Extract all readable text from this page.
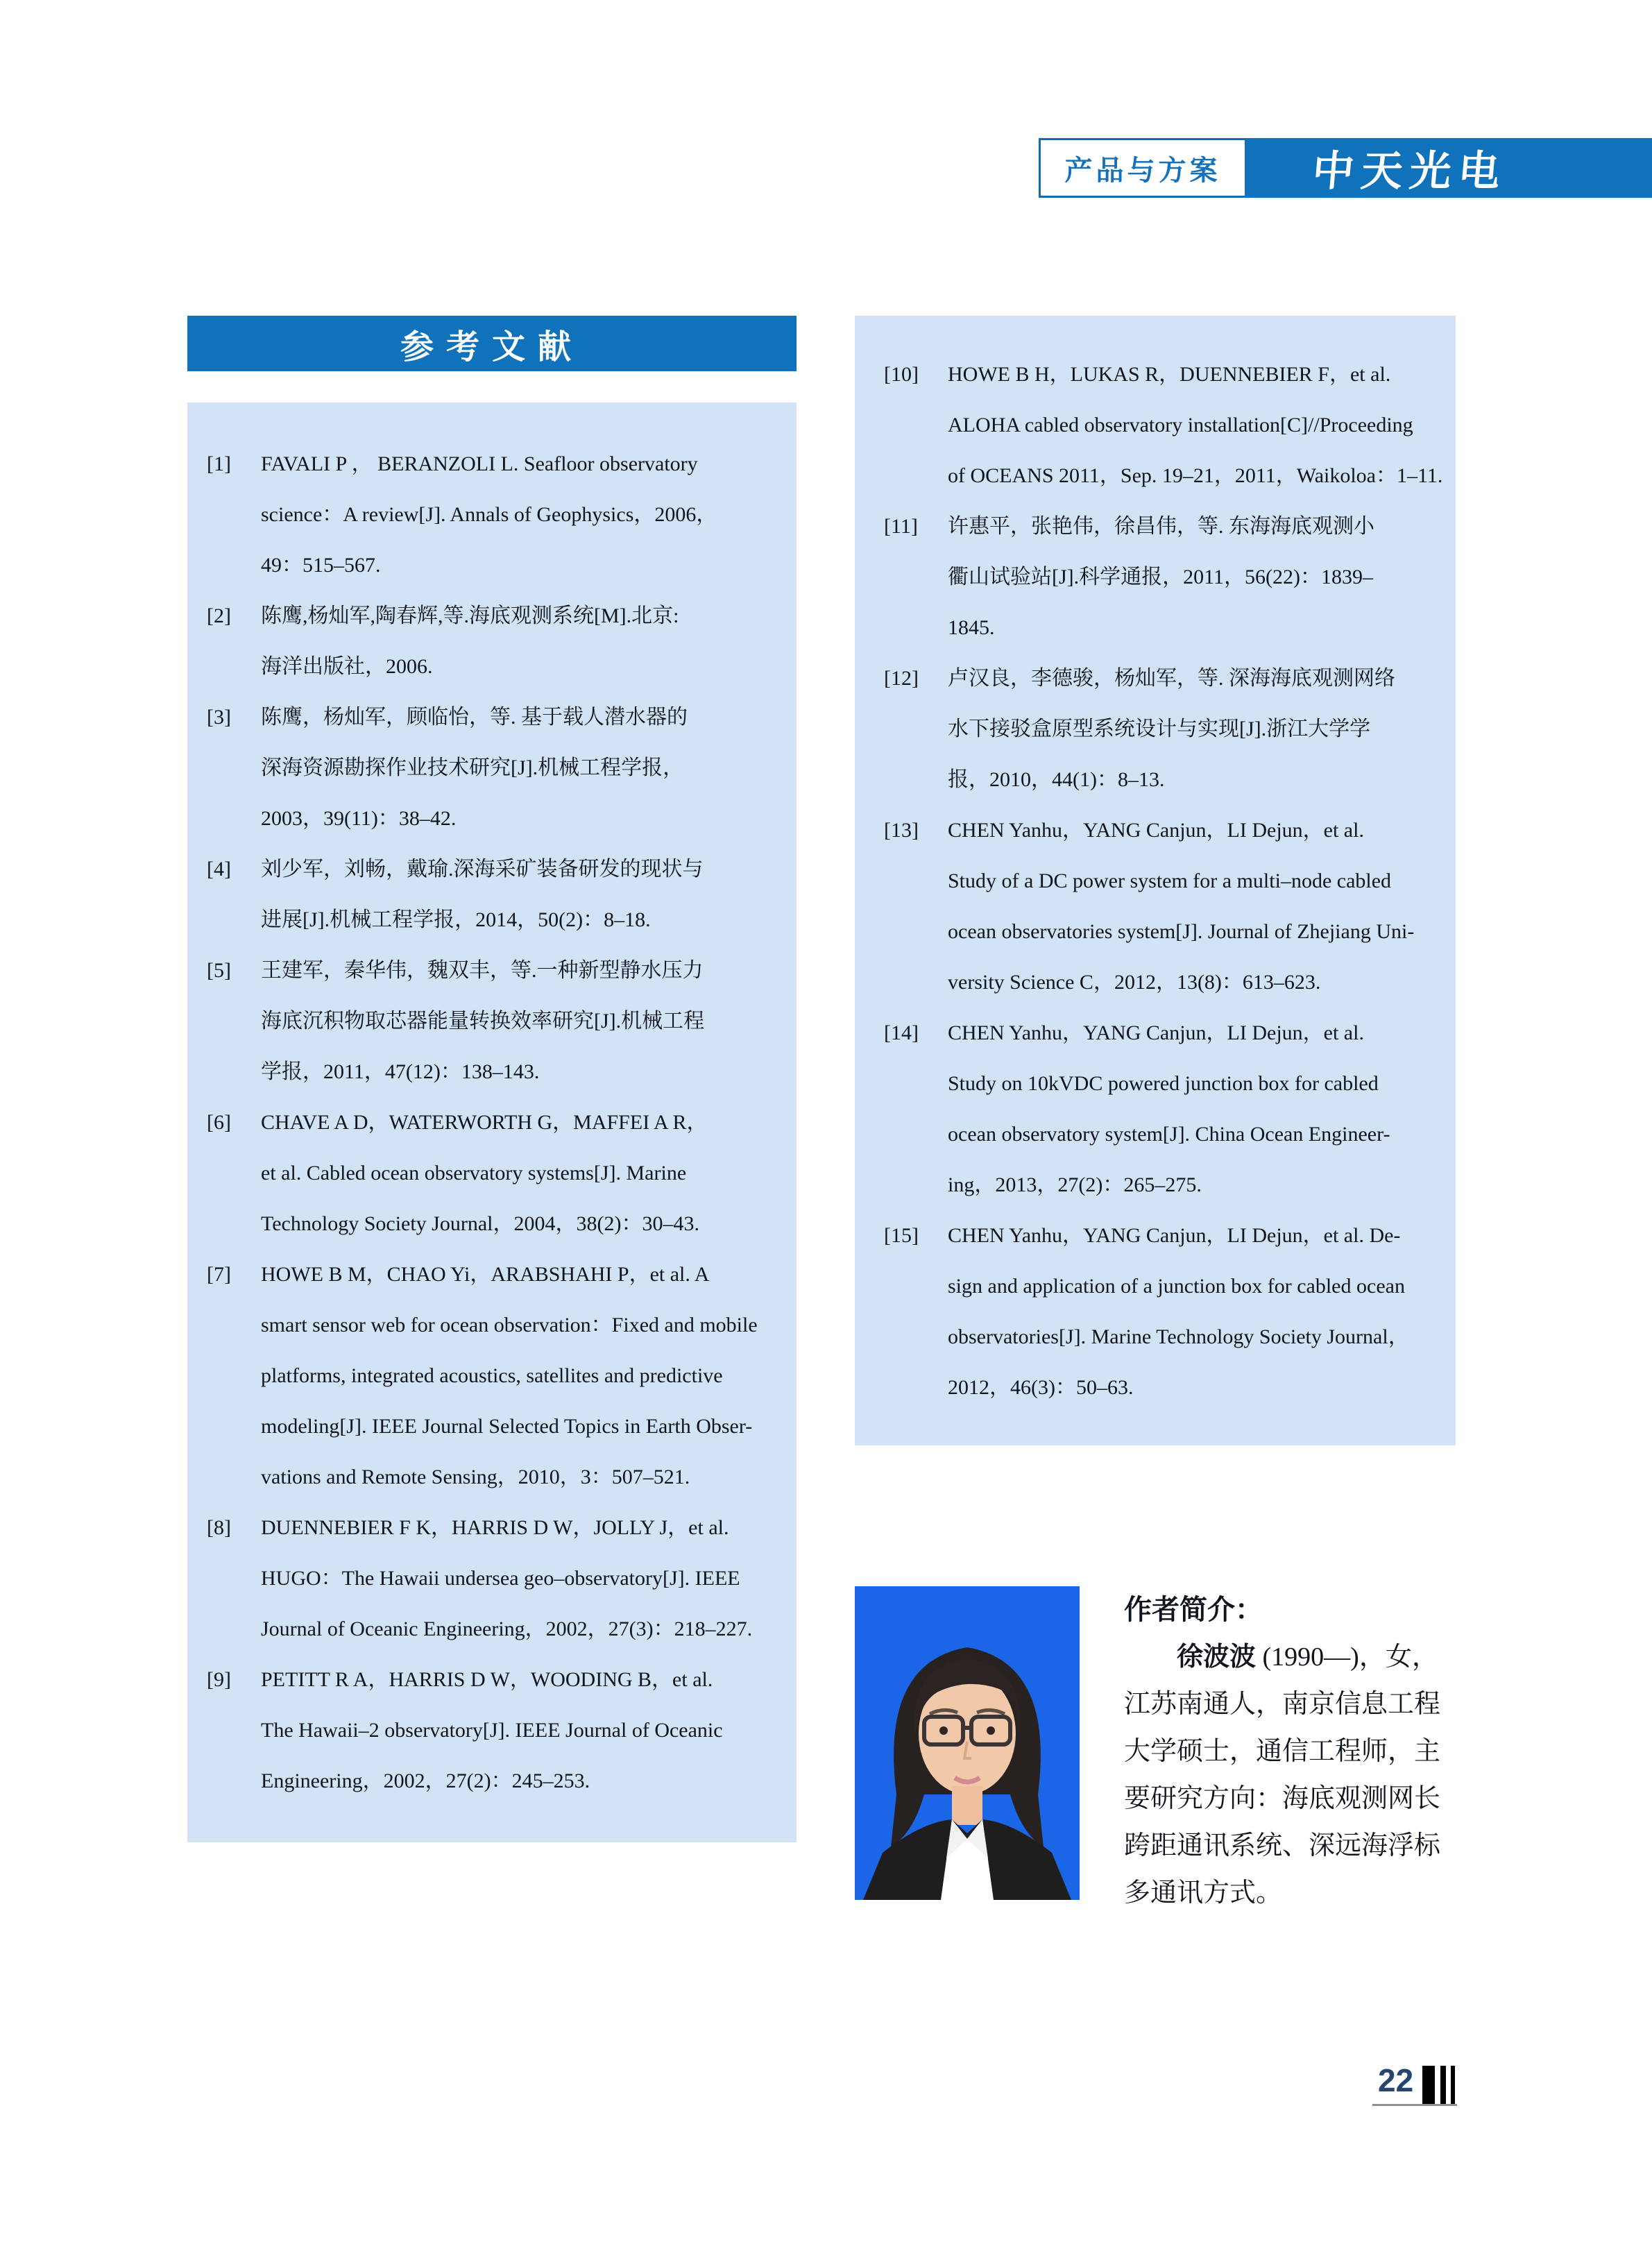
产品与方案 中天光电
参考文献
[1]	FAVALI P ， BERANZOLI L. Seafloor observatory
science：A review[J]. Annals of Geophysics，2006，
49：515–567.
[2]	陈鹰,杨灿军,陶春辉,等.海底观测系统[M].北京:
海洋出版社，2006.
[3]	陈鹰，杨灿军，顾临怡，等. 基于载人潜水器的
深海资源勘探作业技术研究[J].机械工程学报，
2003，39(11)：38–42.
[4]	刘少军，刘畅，戴瑜.深海采矿装备研发的现状与
进展[J].机械工程学报，2014，50(2)：8–18.
[5]	王建军，秦华伟，魏双丰，等.一种新型静水压力
海底沉积物取芯器能量转换效率研究[J].机械工程
学报，2011，47(12)：138–143.
[6]	CHAVE A D，WATERWORTH G，MAFFEI A R，
et al. Cabled ocean observatory systems[J]. Marine
Technology Society Journal，2004，38(2)：30–43.
[7]	HOWE B M，CHAO Yi，ARABSHAHI P，et al. A
smart sensor web for ocean observation：Fixed and mobile
platforms, integrated acoustics, satellites and predictive
modeling[J]. IEEE Journal Selected Topics in Earth Obser-
vations and Remote Sensing，2010，3：507–521.
[8]	DUENNEBIER F K，HARRIS D W，JOLLY J，et al.
HUGO：The Hawaii undersea geo–observatory[J]. IEEE
Journal of Oceanic Engineering，2002，27(3)：218–227.
[9]	PETITT R A，HARRIS D W，WOODING B，et al.
The Hawaii–2 observatory[J]. IEEE Journal of Oceanic
Engineering，2002，27(2)：245–253.
[10]	HOWE B H，LUKAS R，DUENNEBIER F，et al.
ALOHA cabled observatory installation[C]//Proceeding
of OCEANS 2011，Sep. 19–21，2011，Waikoloa：1–11.
[11]	许惠平，张艳伟，徐昌伟，等. 东海海底观测小
衢山试验站[J].科学通报，2011，56(22)：1839–
1845.
[12]	卢汉良，李德骏，杨灿军，等. 深海海底观测网络
水下接驳盒原型系统设计与实现[J].浙江大学学
报，2010，44(1)：8–13.
[13]	CHEN Yanhu，YANG Canjun，LI Dejun，et al.
Study of a DC power system for a multi–node cabled
ocean observatories system[J]. Journal of Zhejiang Uni-
versity Science C，2012，13(8)：613–623.
[14]	CHEN Yanhu，YANG Canjun，LI Dejun，et al.
Study on 10kVDC powered junction box for cabled
ocean observatory system[J]. China Ocean Engineer-
ing，2013，27(2)：265–275.
[15]	CHEN Yanhu，YANG Canjun，LI Dejun，et al. De-
sign and application of a junction box for cabled ocean
observatories[J]. Marine Technology Society Journal，
2012，46(3)：50–63.
作者简介：
徐波波 (1990—)，女，
江苏南通人，南京信息工程
大学硕士，通信工程师，主
要研究方向：海底观测网长
跨距通讯系统、深远海浮标
多通讯方式。
22
